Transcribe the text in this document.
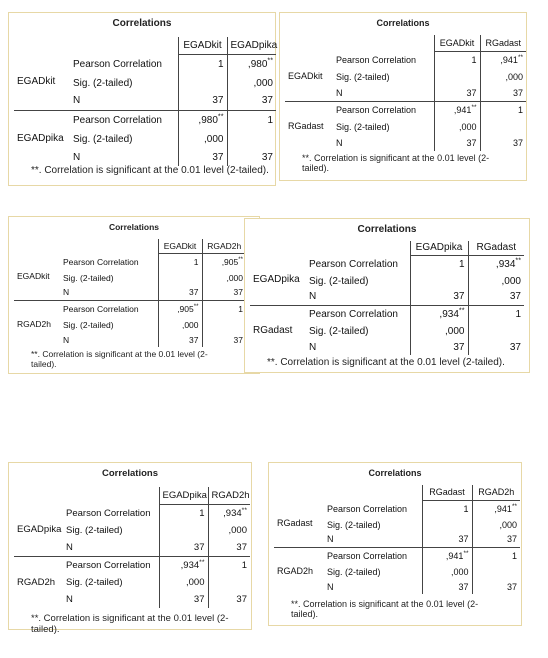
Correlations
		EGADkit	EGADpika
EGADkit	Pearson Correlation	1	,980**
	Sig. (2-tailed)		,000
	N	37	37
EGADpika	Pearson Correlation	,980**	1
	Sig. (2-tailed)	,000	
	N	37	37
**. Correlation is significant at the 0.01 level (2-tailed).
Correlations
		EGADkit	RGadast
EGADkit	Pearson Correlation	1	,941**
	Sig. (2-tailed)		,000
	N	37	37
RGadast	Pearson Correlation	,941**	1
	Sig. (2-tailed)	,000	
	N	37	37
**. Correlation is significant at the 0.01 level (2-tailed).
Correlations
		EGADkit	RGAD2h
EGADkit	Pearson Correlation	1	,905**
	Sig. (2-tailed)		,000
	N	37	37
RGAD2h	Pearson Correlation	,905**	1
	Sig. (2-tailed)	,000	
	N	37	37
**. Correlation is significant at the 0.01 level (2-tailed).
Correlations
		EGADpika	RGadast
EGADpika	Pearson Correlation	1	,934**
	Sig. (2-tailed)		,000
	N	37	37
RGadast	Pearson Correlation	,934**	1
	Sig. (2-tailed)	,000	
	N	37	37
**. Correlation is significant at the 0.01 level (2-tailed).
Correlations
		EGADpika	RGAD2h
EGADpika	Pearson Correlation	1	,934**
	Sig. (2-tailed)		,000
	N	37	37
RGAD2h	Pearson Correlation	,934**	1
	Sig. (2-tailed)	,000	
	N	37	37
**. Correlation is significant at the 0.01 level (2-tailed).
Correlations
		RGadast	RGAD2h
RGadast	Pearson Correlation	1	,941**
	Sig. (2-tailed)		,000
	N	37	37
RGAD2h	Pearson Correlation	,941**	1
	Sig. (2-tailed)	,000	
	N	37	37
**. Correlation is significant at the 0.01 level (2-tailed).
